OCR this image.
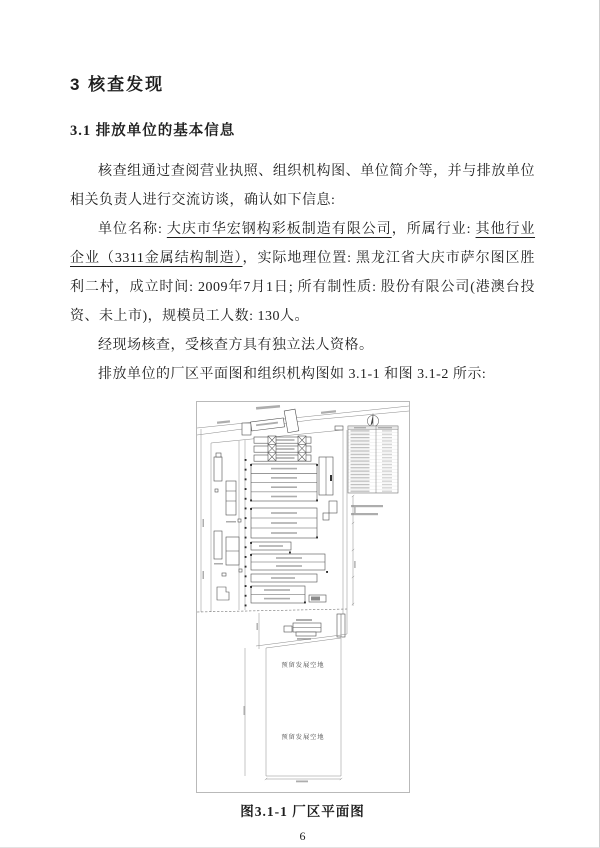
3 核查发现
3.1 排放单位的基本信息

核查组通过查阅营业执照、组织机构图、单位简介等，并与排放单位相关负责人进行交流访谈，确认如下信息:

单位名称: 大庆市华宏钢构彩板制造有限公司，所属行业: 其他行业企业（3311金属结构制造），实际地理位置: 黑龙江省大庆市萨尔图区胜利二村，成立时间: 2009年7月1日; 所有制性质: 股份有限公司(港澳台投资、未上市)，规模员工人数: 130人。

经现场核查，受核查方具有独立法人资格。

排放单位的厂区平面图和组织机构图如 3.1-1 和图 3.1-2 所示:

预留发展空地
预留发展空地
图3.1-1 厂区平面图
6
